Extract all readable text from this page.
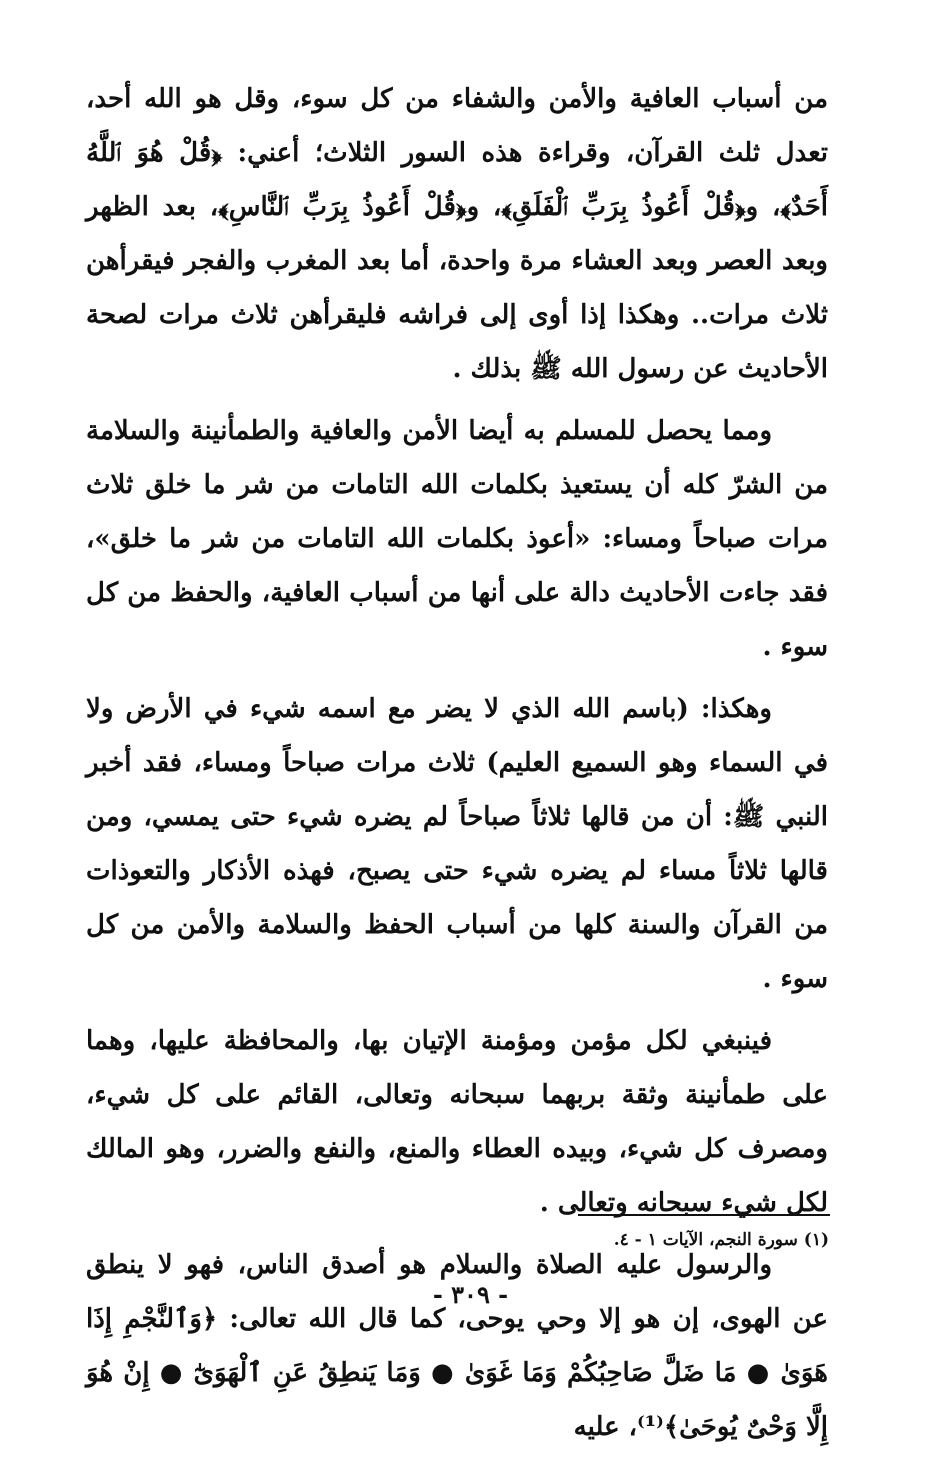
من أسباب العافية والأمن والشفاء من كل سوء، وقل هو الله أحد، تعدل ثلث القرآن، وقراءة هذه السور الثلاث؛ أعني: ﴿قُلْ هُوَ ٱللَّهُ أَحَدٌ﴾، و﴿قُلْ أَعُوذُ بِرَبِّ ٱلْفَلَقِ﴾، و﴿قُلْ أَعُوذُ بِرَبِّ ٱلنَّاسِ﴾، بعد الظهر وبعد العصر وبعد العشاء مرة واحدة، أما بعد المغرب والفجر فيقرأهن ثلاث مرات.. وهكذا إذا أوى إلى فراشه فليقرأهن ثلاث مرات لصحة الأحاديث عن رسول الله ﷺ بذلك .

ومما يحصل للمسلم به أيضا الأمن والعافية والطمأنينة والسلامة من الشرّ كله أن يستعيذ بكلمات الله التامات من شر ما خلق ثلاث مرات صباحاً ومساء: «أعوذ بكلمات الله التامات من شر ما خلق»، فقد جاءت الأحاديث دالة على أنها من أسباب العافية، والحفظ من كل سوء .

وهكذا: (باسم الله الذي لا يضر مع اسمه شيء في الأرض ولا في السماء وهو السميع العليم) ثلاث مرات صباحاً ومساء، فقد أخبر النبي ﷺ: أن من قالها ثلاثاً صباحاً لم يضره شيء حتى يمسي، ومن قالها ثلاثاً مساء لم يضره شيء حتى يصبح، فهذه الأذكار والتعوذات من القرآن والسنة كلها من أسباب الحفظ والسلامة والأمن من كل سوء .

فينبغي لكل مؤمن ومؤمنة الإتيان بها، والمحافظة عليها، وهما على طمأنينة وثقة بربهما سبحانه وتعالى، القائم على كل شيء، ومصرف كل شيء، وبيده العطاء والمنع، والنفع والضرر، وهو المالك لكل شيء سبحانه وتعالى .

والرسول عليه الصلاة والسلام هو أصدق الناس، فهو لا ينطق عن الهوى، إن هو إلا وحي يوحى، كما قال الله تعالى: ﴿وَٱلنَّجْمِ إِذَا هَوَىٰ ● مَا ضَلَّ صَاحِبُكُمْ وَمَا غَوَىٰ ● وَمَا يَنطِقُ عَنِ ٱلْهَوَىٰٓ ● إِنْ هُوَ إِلَّا وَحْىٌ يُوحَىٰ﴾⁽¹⁾، عليه

(١) سورة النجم، الآيات ١ - ٤.
- ٣٠٩ -
